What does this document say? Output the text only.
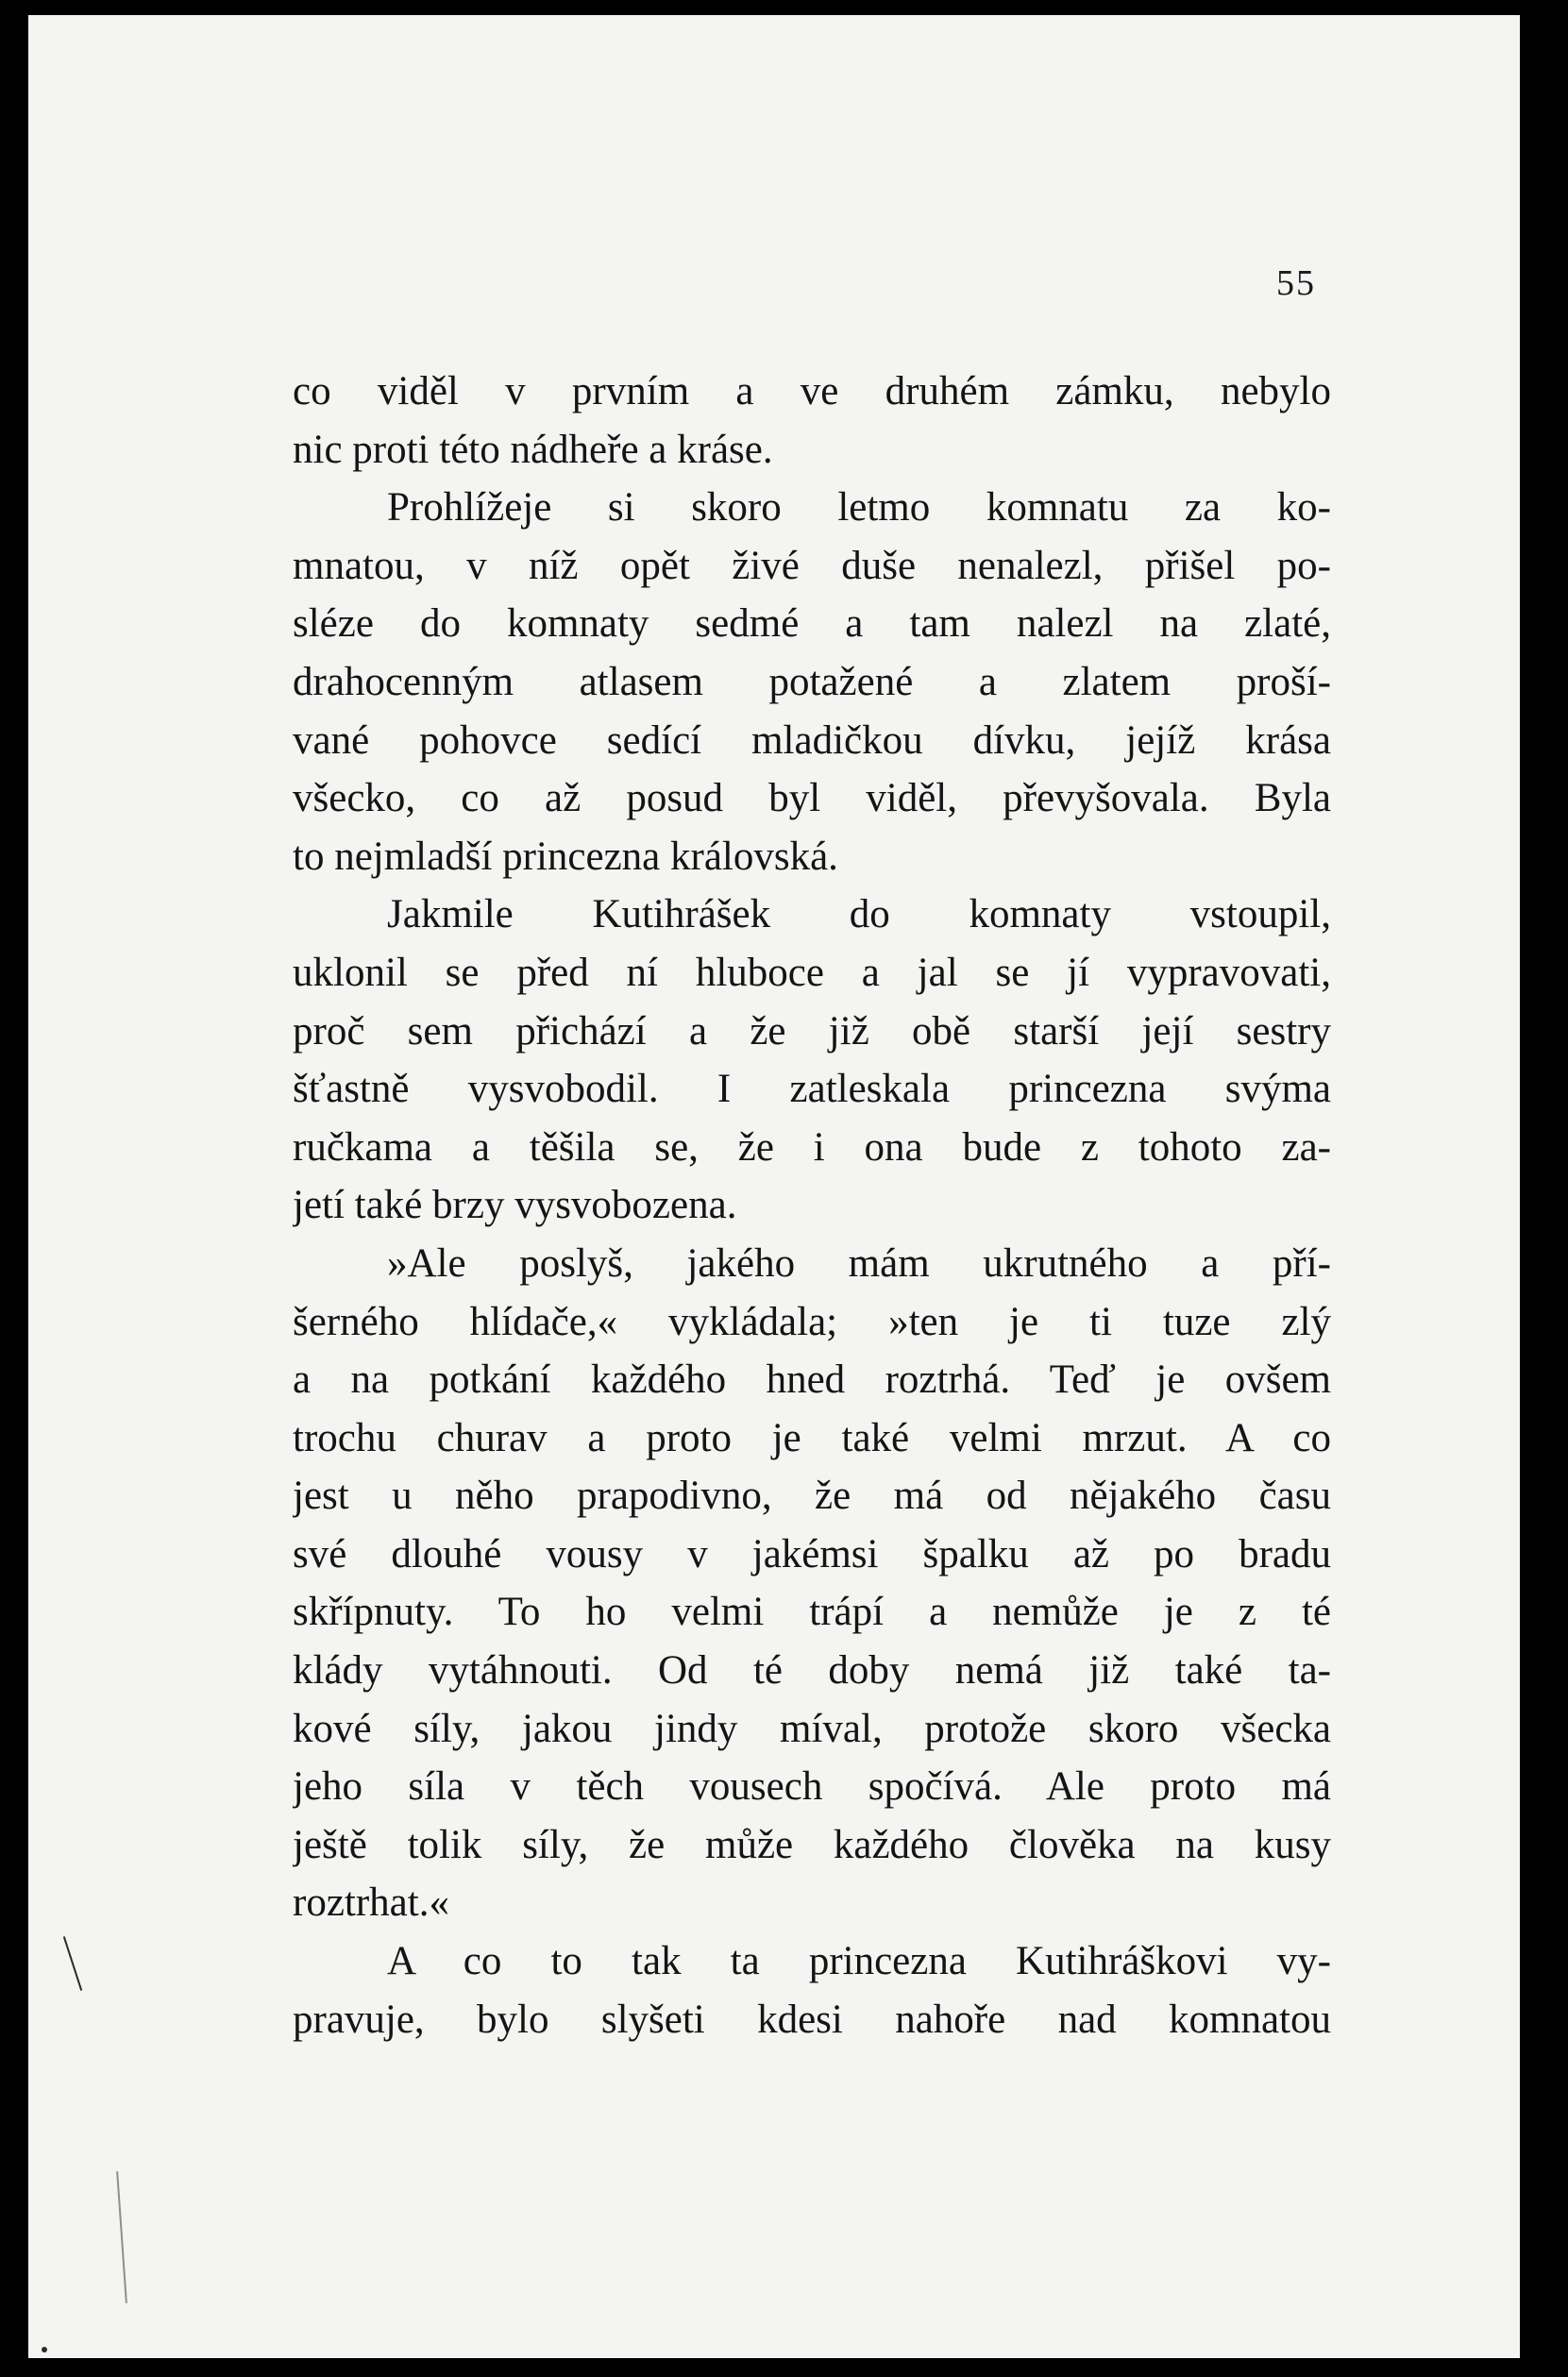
55
co viděl v prvním a ve druhém zámku, nebylo
nic proti této nádheře a kráse.
Prohlížeje si skoro letmo komnatu za ko-
mnatou, v níž opět živé duše nenalezl, přišel po-
sléze do komnaty sedmé a tam nalezl na zlaté,
drahocenným atlasem potažené a zlatem proší-
vané pohovce sedící mladičkou dívku, jejíž krása
všecko, co až posud byl viděl, převyšovala. Byla
to nejmladší princezna královská.
Jakmile Kutihrášek do komnaty vstoupil,
uklonil se před ní hluboce a jal se jí vypravovati,
proč sem přichází a že již obě starší její sestry
šťastně vysvobodil. I zatleskala princezna svýma
ručkama a těšila se, že i ona bude z tohoto za-
jetí také brzy vysvobozena.
»Ale poslyš, jakého mám ukrutného a pří-
šerného hlídače,« vykládala; »ten je ti tuze zlý
a na potkání každého hned roztrhá. Teď je ovšem
trochu churav a proto je také velmi mrzut. A co
jest u něho prapodivno, že má od nějakého času
své dlouhé vousy v jakémsi špalku až po bradu
skřípnuty. To ho velmi trápí a nemůže je z té
klády vytáhnouti. Od té doby nemá již také ta-
kové síly, jakou jindy míval, protože skoro všecka
jeho síla v těch vousech spočívá. Ale proto má
ještě tolik síly, že může každého člověka na kusy
roztrhat.«
A co to tak ta princezna Kutihráškovi vy-
pravuje, bylo slyšeti kdesi nahoře nad komnatou
